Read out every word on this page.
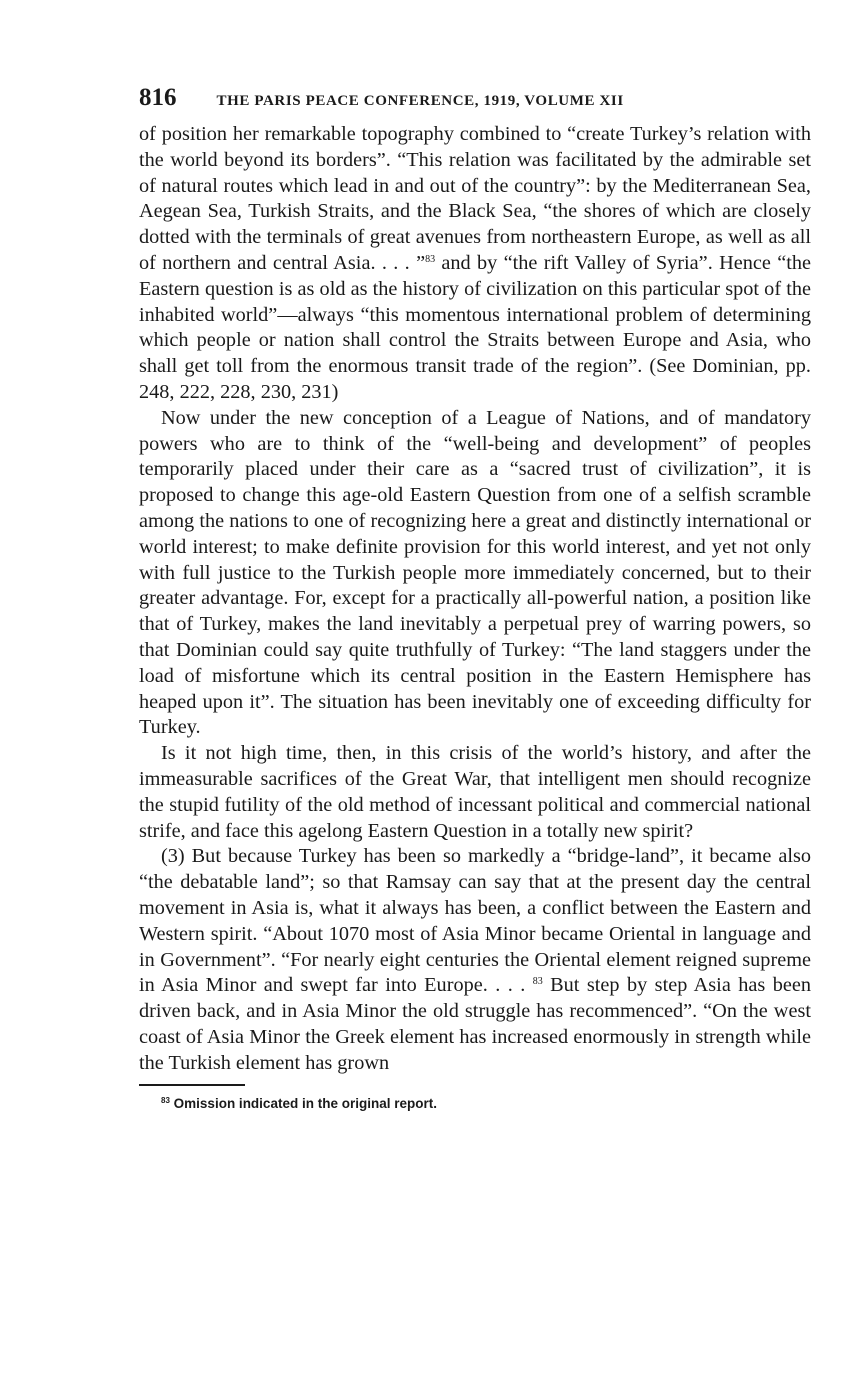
816	THE PARIS PEACE CONFERENCE, 1919, VOLUME XII

of position her remarkable topography combined to “create Turkey’s relation with the world beyond its borders”. “This relation was facilitated by the admirable set of natural routes which lead in and out of the country”: by the Mediterranean Sea, Aegean Sea, Turkish Straits, and the Black Sea, “the shores of which are closely dotted with the terminals of great avenues from northeastern Europe, as well as all of northern and central Asia. . . . ”$^{83}$ and by “the rift Valley of Syria”. Hence “the Eastern question is as old as the history of civilization on this particular spot of the inhabited world”—always “this momentous international problem of determining which people or nation shall control the Straits between Europe and Asia, who shall get toll from the enormous transit trade of the region”. (See Dominian, pp. 248, 222, 228, 230, 231)

Now under the new conception of a League of Nations, and of mandatory powers who are to think of the “well-being and development” of peoples temporarily placed under their care as a “sacred trust of civilization”, it is proposed to change this age-old Eastern Question from one of a selfish scramble among the nations to one of recognizing here a great and distinctly international or world interest; to make definite provision for this world interest, and yet not only with full justice to the Turkish people more immediately concerned, but to their greater advantage. For, except for a practically all-powerful nation, a position like that of Turkey, makes the land inevitably a perpetual prey of warring powers, so that Dominian could say quite truthfully of Turkey: “The land staggers under the load of misfortune which its central position in the Eastern Hemisphere has heaped upon it”. The situation has been inevitably one of exceeding difficulty for Turkey.

Is it not high time, then, in this crisis of the world’s history, and after the immeasurable sacrifices of the Great War, that intelligent men should recognize the stupid futility of the old method of incessant political and commercial national strife, and face this agelong Eastern Question in a totally new spirit?

(3) But because Turkey has been so markedly a “bridge-land”, it became also “the debatable land”; so that Ramsay can say that at the present day the central movement in Asia is, what it always has been, a conflict between the Eastern and Western spirit. “About 1070 most of Asia Minor became Oriental in language and in Government”. “For nearly eight centuries the Oriental element reigned supreme in Asia Minor and swept far into Europe. . . . $^{83}$ But step by step Asia has been driven back, and in Asia Minor the old struggle has recommenced”. “On the west coast of Asia Minor the Greek element has increased enormously in strength while the Turkish element has grown

$^{83}$ Omission indicated in the original report.
